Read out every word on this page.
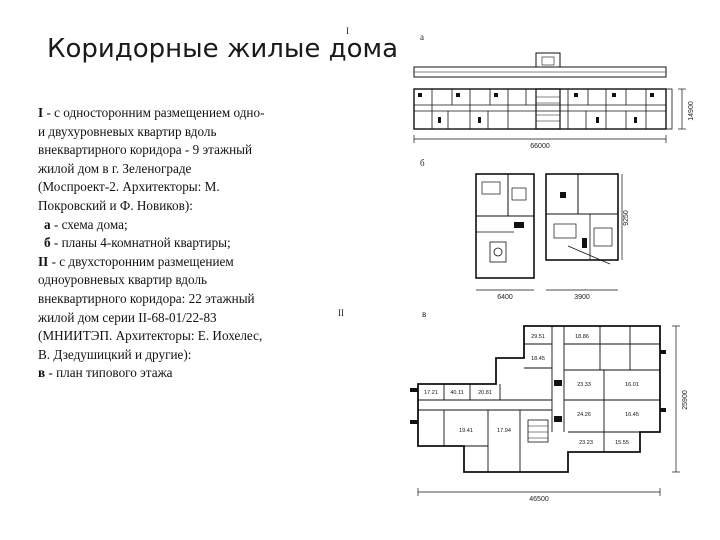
Коридорные жилые дома

I - с односторонним размещением одно- и двухуровневых квартир вдоль внеквартирного коридора - 9 этажный жилой дом в г. Зеленограде (Моспроект-2. Архитекторы: М. Покровский и Ф. Новиков):

а - схема дома;

б - планы 4-комнатной квартиры;

II - с двухсторонним размещением одноуровневых квартир вдоль внеквартирного коридора: 22 этажный жилой дом серии II-68-01/22-83 (МНИИТЭП. Архитекторы: Е. Иохелес, В. Дзедушицкий и другие):

в - план типового этажа

I
а
б
II	в
66000
14900
6400	3900
9250
29.51
18.45
18.86
17.21 40.11	20.81
19.41	17.94
23.33	16.01
24.26	16.45
23.23	15.55
46500
25900
